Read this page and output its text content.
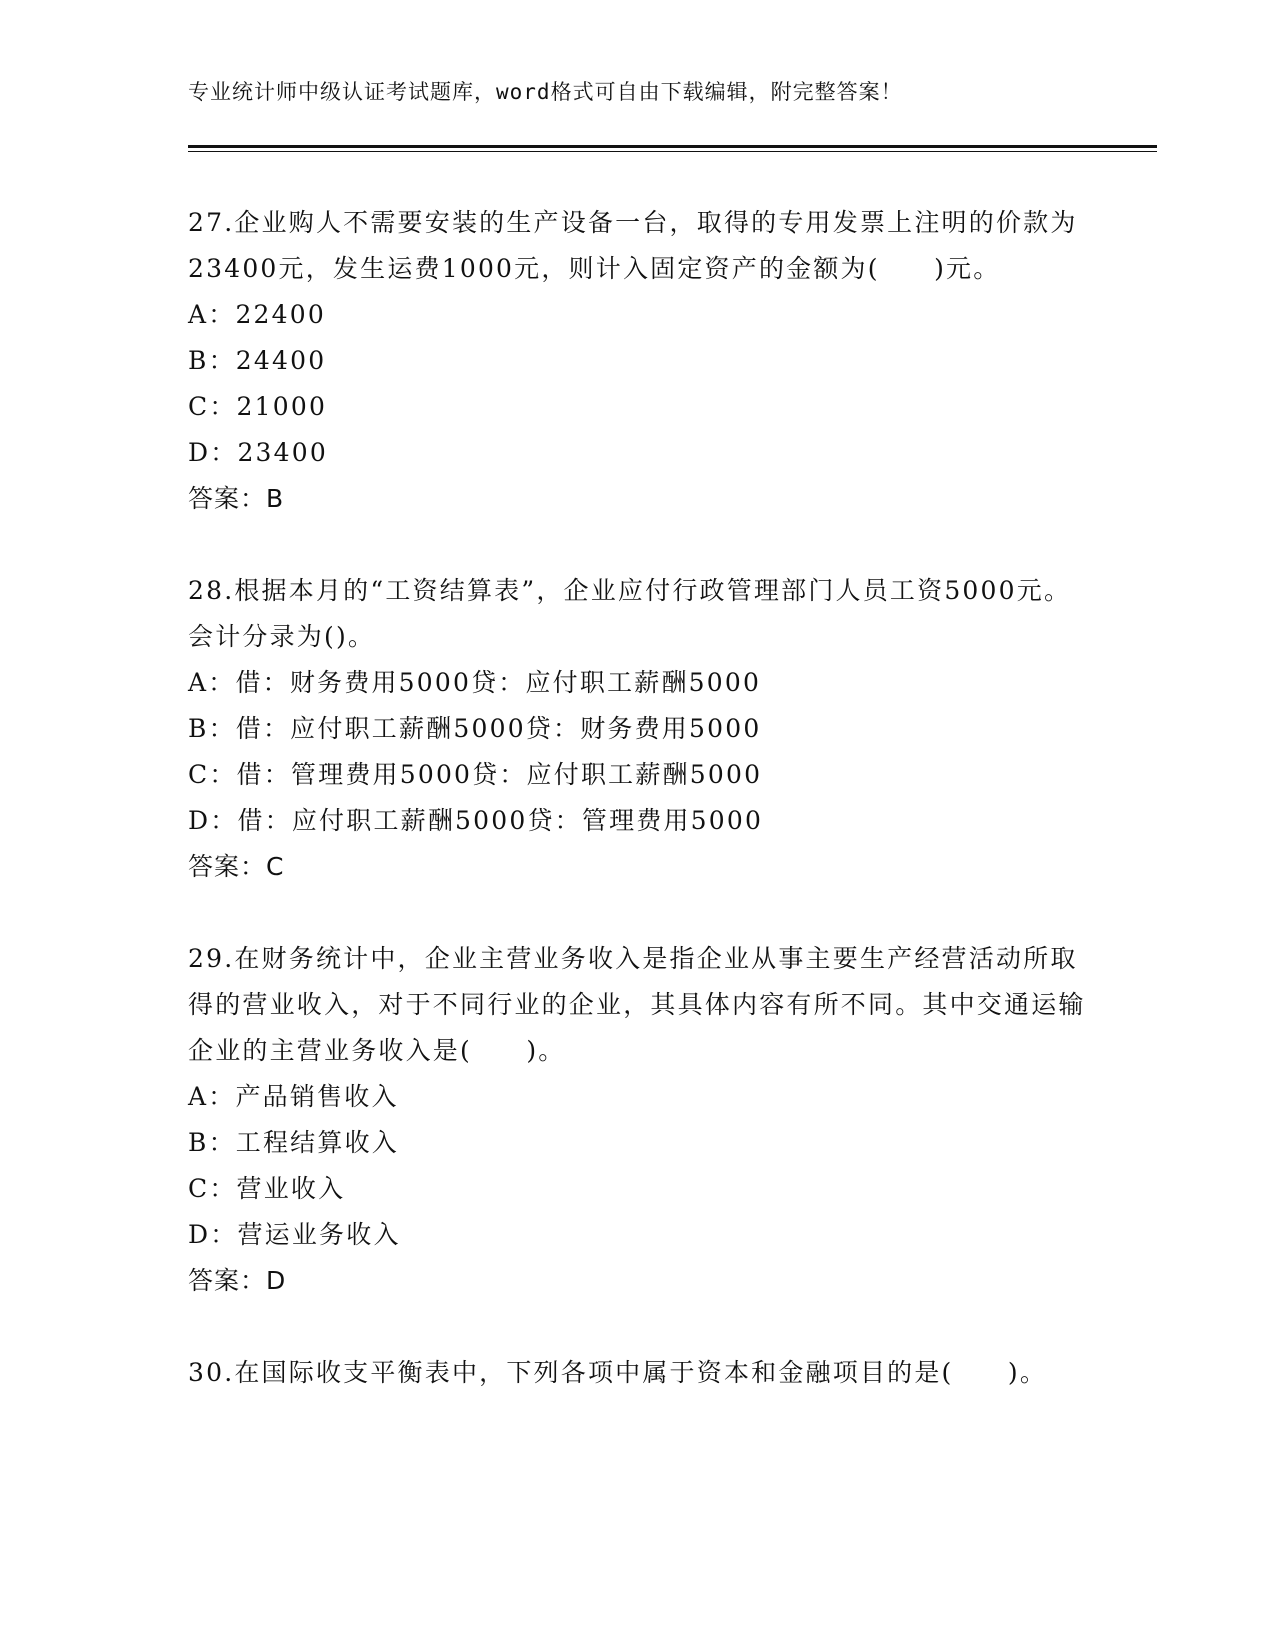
专业统计师中级认证考试题库，word格式可自由下载编辑，附完整答案！

27.企业购人不需要安装的生产设备一台，取得的专用发票上注明的价款为23400元，发生运费1000元，则计入固定资产的金额为(　　)元。

A：22400

B：24400

C：21000

D：23400

答案：B

28.根据本月的“工资结算表”，企业应付行政管理部门人员工资5000元。会计分录为()。

A：借：财务费用5000贷：应付职工薪酬5000

B：借：应付职工薪酬5000贷：财务费用5000

C：借：管理费用5000贷：应付职工薪酬5000

D：借：应付职工薪酬5000贷：管理费用5000

答案：C

29.在财务统计中，企业主营业务收入是指企业从事主要生产经营活动所取得的营业收入，对于不同行业的企业，其具体内容有所不同。其中交通运输企业的主营业务收入是(　　)。

A：产品销售收入

B：工程结算收入

C：营业收入

D：营运业务收入

答案：D

30.在国际收支平衡表中，下列各项中属于资本和金融项目的是(　　)。
